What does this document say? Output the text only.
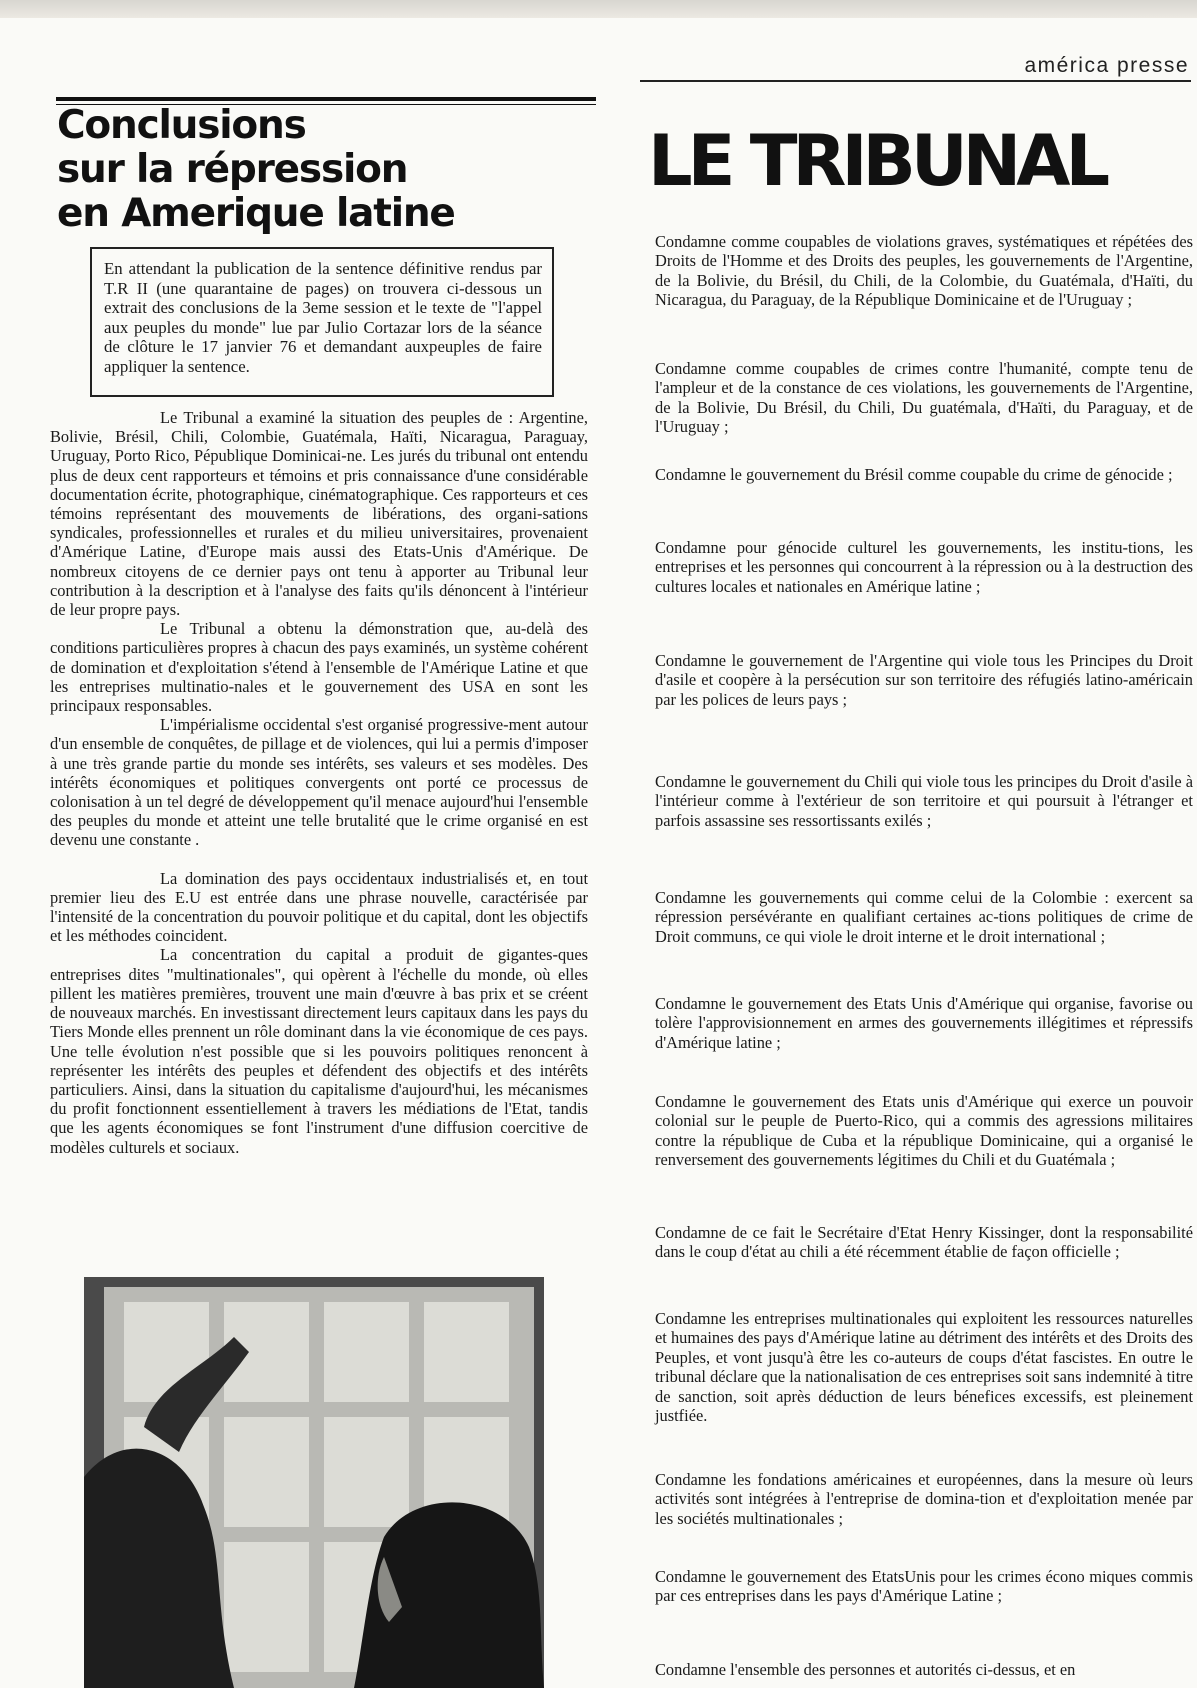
américa presse
Conclusions
sur la répression
en Amerique latine
En attendant la publication de la sentence définitive rendus par T.R II (une quarantaine de pages) on trouvera ci-dessous un extrait des conclusions de la 3eme session et le texte de "l'appel aux peuples du monde" lue par Julio Cortazar lors de la séance de clôture le 17 janvier 76 et demandant auxpeuples de faire appliquer la sentence.

Le Tribunal a examiné la situation des peuples de : Argentine, Bolivie, Brésil, Chili, Colombie, Guatémala, Haïti, Nicaragua, Paraguay, Uruguay, Porto Rico, Pépublique Dominicai-ne. Les jurés du tribunal ont entendu plus de deux cent rapporteurs et témoins et pris connaissance d'une considérable documentation écrite, photographique, cinématographique. Ces rapporteurs et ces témoins représentant des mouvements de libérations, des organi-sations syndicales, professionnelles et rurales et du milieu universitaires, provenaient d'Amérique Latine, d'Europe mais aussi des Etats-Unis d'Amérique. De nombreux citoyens de ce dernier pays ont tenu à apporter au Tribunal leur contribution à la description et à l'analyse des faits qu'ils dénoncent à l'intérieur de leur propre pays.

Le Tribunal a obtenu la démonstration que, au-delà des conditions particulières propres à chacun des pays examinés, un système cohérent de domination et d'exploitation s'étend à l'ensemble de l'Amérique Latine et que les entreprises multinatio-nales et le gouvernement des USA en sont les principaux responsables.

L'impérialisme occidental s'est organisé progressive-ment autour d'un ensemble de conquêtes, de pillage et de violences, qui lui a permis d'imposer à une très grande partie du monde ses intérêts, ses valeurs et ses modèles. Des intérêts économiques et politiques convergents ont porté ce processus de colonisation à un tel degré de développement qu'il menace aujourd'hui l'ensemble des peuples du monde et atteint une telle brutalité que le crime organisé en est devenu une constante .

La domination des pays occidentaux industrialisés et, en tout premier lieu des E.U est entrée dans une phrase nouvelle, caractérisée par l'intensité de la concentration du pouvoir politique et du capital, dont les objectifs et les méthodes coincident.

La concentration du capital a produit de gigantes-ques entreprises dites "multinationales", qui opèrent à l'échelle du monde, où elles pillent les matières premières, trouvent une main d'œuvre à bas prix et se créent de nouveaux marchés. En investissant directement leurs capitaux dans les pays du Tiers Monde elles prennent un rôle dominant dans la vie économique de ces pays. Une telle évolution n'est possible que si les pouvoirs politiques renoncent à représenter les intérêts des peuples et défendent des objectifs et des intérêts particuliers. Ainsi, dans la situation du capitalisme d'aujourd'hui, les mécanismes du profit fonctionnent essentiellement à travers les médiations de l'Etat, tandis que les agents économiques se font l'instrument d'une diffusion coercitive de modèles culturels et sociaux.

LE TRIBUNAL

Condamne comme coupables de violations graves, systématiques et répétées des Droits de l'Homme et des Droits des peuples, les gouvernements de l'Argentine, de la Bolivie, du Brésil, du Chili, de la Colombie, du Guatémala, d'Haïti, du Nicaragua, du Paraguay, de la République Dominicaine et de l'Uruguay ;

Condamne comme coupables de crimes contre l'humanité, compte tenu de l'ampleur et de la constance de ces violations, les gouvernements de l'Argentine, de la Bolivie, Du Brésil, du Chili, Du guatémala, d'Haïti, du Paraguay, et de l'Uruguay ;

Condamne le gouvernement du Brésil comme coupable du crime de génocide ;

Condamne pour génocide culturel les gouvernements, les institu-tions, les entreprises et les personnes qui concourrent à la répression ou à la destruction des cultures locales et nationales en Amérique latine ;

Condamne le gouvernement de l'Argentine qui viole tous les Principes du Droit d'asile et coopère à la persécution sur son territoire des réfugiés latino-américain par les polices de leurs pays ;

Condamne le gouvernement du Chili qui viole tous les principes du Droit d'asile à l'intérieur comme à l'extérieur de son territoire et qui poursuit à l'étranger et parfois assassine ses ressortissants exilés ;

Condamne les gouvernements qui comme celui de la Colombie : exercent sa répression persévérante en qualifiant certaines ac-tions politiques de crime de Droit communs, ce qui viole le droit interne et le droit international ;

Condamne le gouvernement des Etats Unis d'Amérique qui organise, favorise ou tolère l'approvisionnement en armes des gouvernements illégitimes et répressifs d'Amérique latine ;

Condamne le gouvernement des Etats unis d'Amérique qui exerce un pouvoir colonial sur le peuple de Puerto-Rico, qui a commis des agressions militaires contre la république de Cuba et la république Dominicaine, qui a organisé le renversement des gouvernements légitimes du Chili et du Guatémala ;

Condamne de ce fait le Secrétaire d'Etat Henry Kissinger, dont la responsabilité dans le coup d'état au chili a été récemment établie de façon officielle ;

Condamne les entreprises multinationales qui exploitent les ressources naturelles et humaines des pays d'Amérique latine au détriment des intérêts et des Droits des Peuples, et vont jusqu'à être les co-auteurs de coups d'état fascistes. En outre le tribunal déclare que la nationalisation de ces entreprises soit sans indemnité à titre de sanction, soit après déduction de leurs bénefices excessifs, est pleinement justfiée.

Condamne les fondations américaines et européennes, dans la mesure où leurs activités sont intégrées à l'entreprise de domina-tion et d'exploitation menée par les sociétés multinationales ;

Condamne le gouvernement des EtatsUnis pour les crimes écono miques commis par ces entreprises dans les pays d'Amérique Latine ;

Condamne l'ensemble des personnes et autorités ci-dessus, et en
